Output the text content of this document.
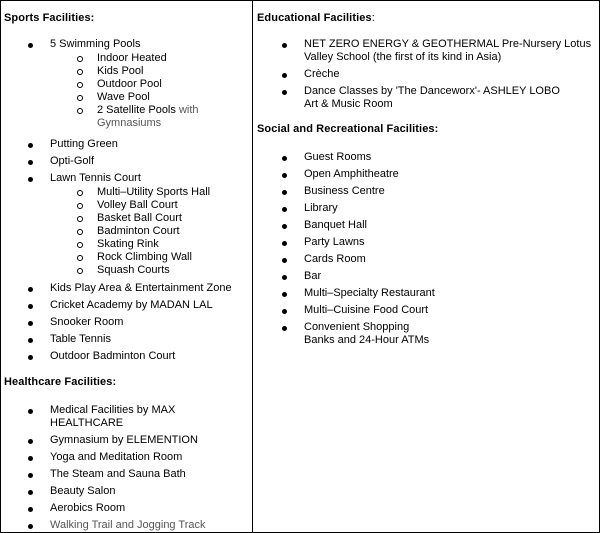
Sports Facilities:

5 Swimming Pools
Indoor Heated
Kids Pool
Outdoor Pool
Wave Pool
2 Satellite Pools with Gymnasiums
Putting Green
Opti-Golf
Lawn Tennis Court
Multi–Utility Sports Hall
Volley Ball Court
Basket Ball Court
Badminton Court
Skating Rink
Rock Climbing Wall
Squash Courts
Kids Play Area & Entertainment Zone
Cricket Academy by MADAN LAL
Snooker Room
Table Tennis
Outdoor Badminton Court

Healthcare Facilities:

Medical Facilities by MAX HEALTHCARE
Gymnasium by ELEMENTION
Yoga and Meditation Room
The Steam and Sauna Bath
Beauty Salon
Aerobics Room
Walking Trail and Jogging Track

Educational Facilities:

NET ZERO ENERGY & GEOTHERMAL Pre-Nursery Lotus
Valley School (the first of its kind in Asia)
Crèche
Dance Classes by 'The Danceworx'- ASHLEY LOBO
Art & Music Room

Social and Recreational Facilities:

Guest Rooms
Open Amphitheatre
Business Centre
Library
Banquet Hall
Party Lawns
Cards Room
Bar
Multi–Specialty Restaurant
Multi–Cuisine Food Court
Convenient Shopping
Banks and 24-Hour ATMs
